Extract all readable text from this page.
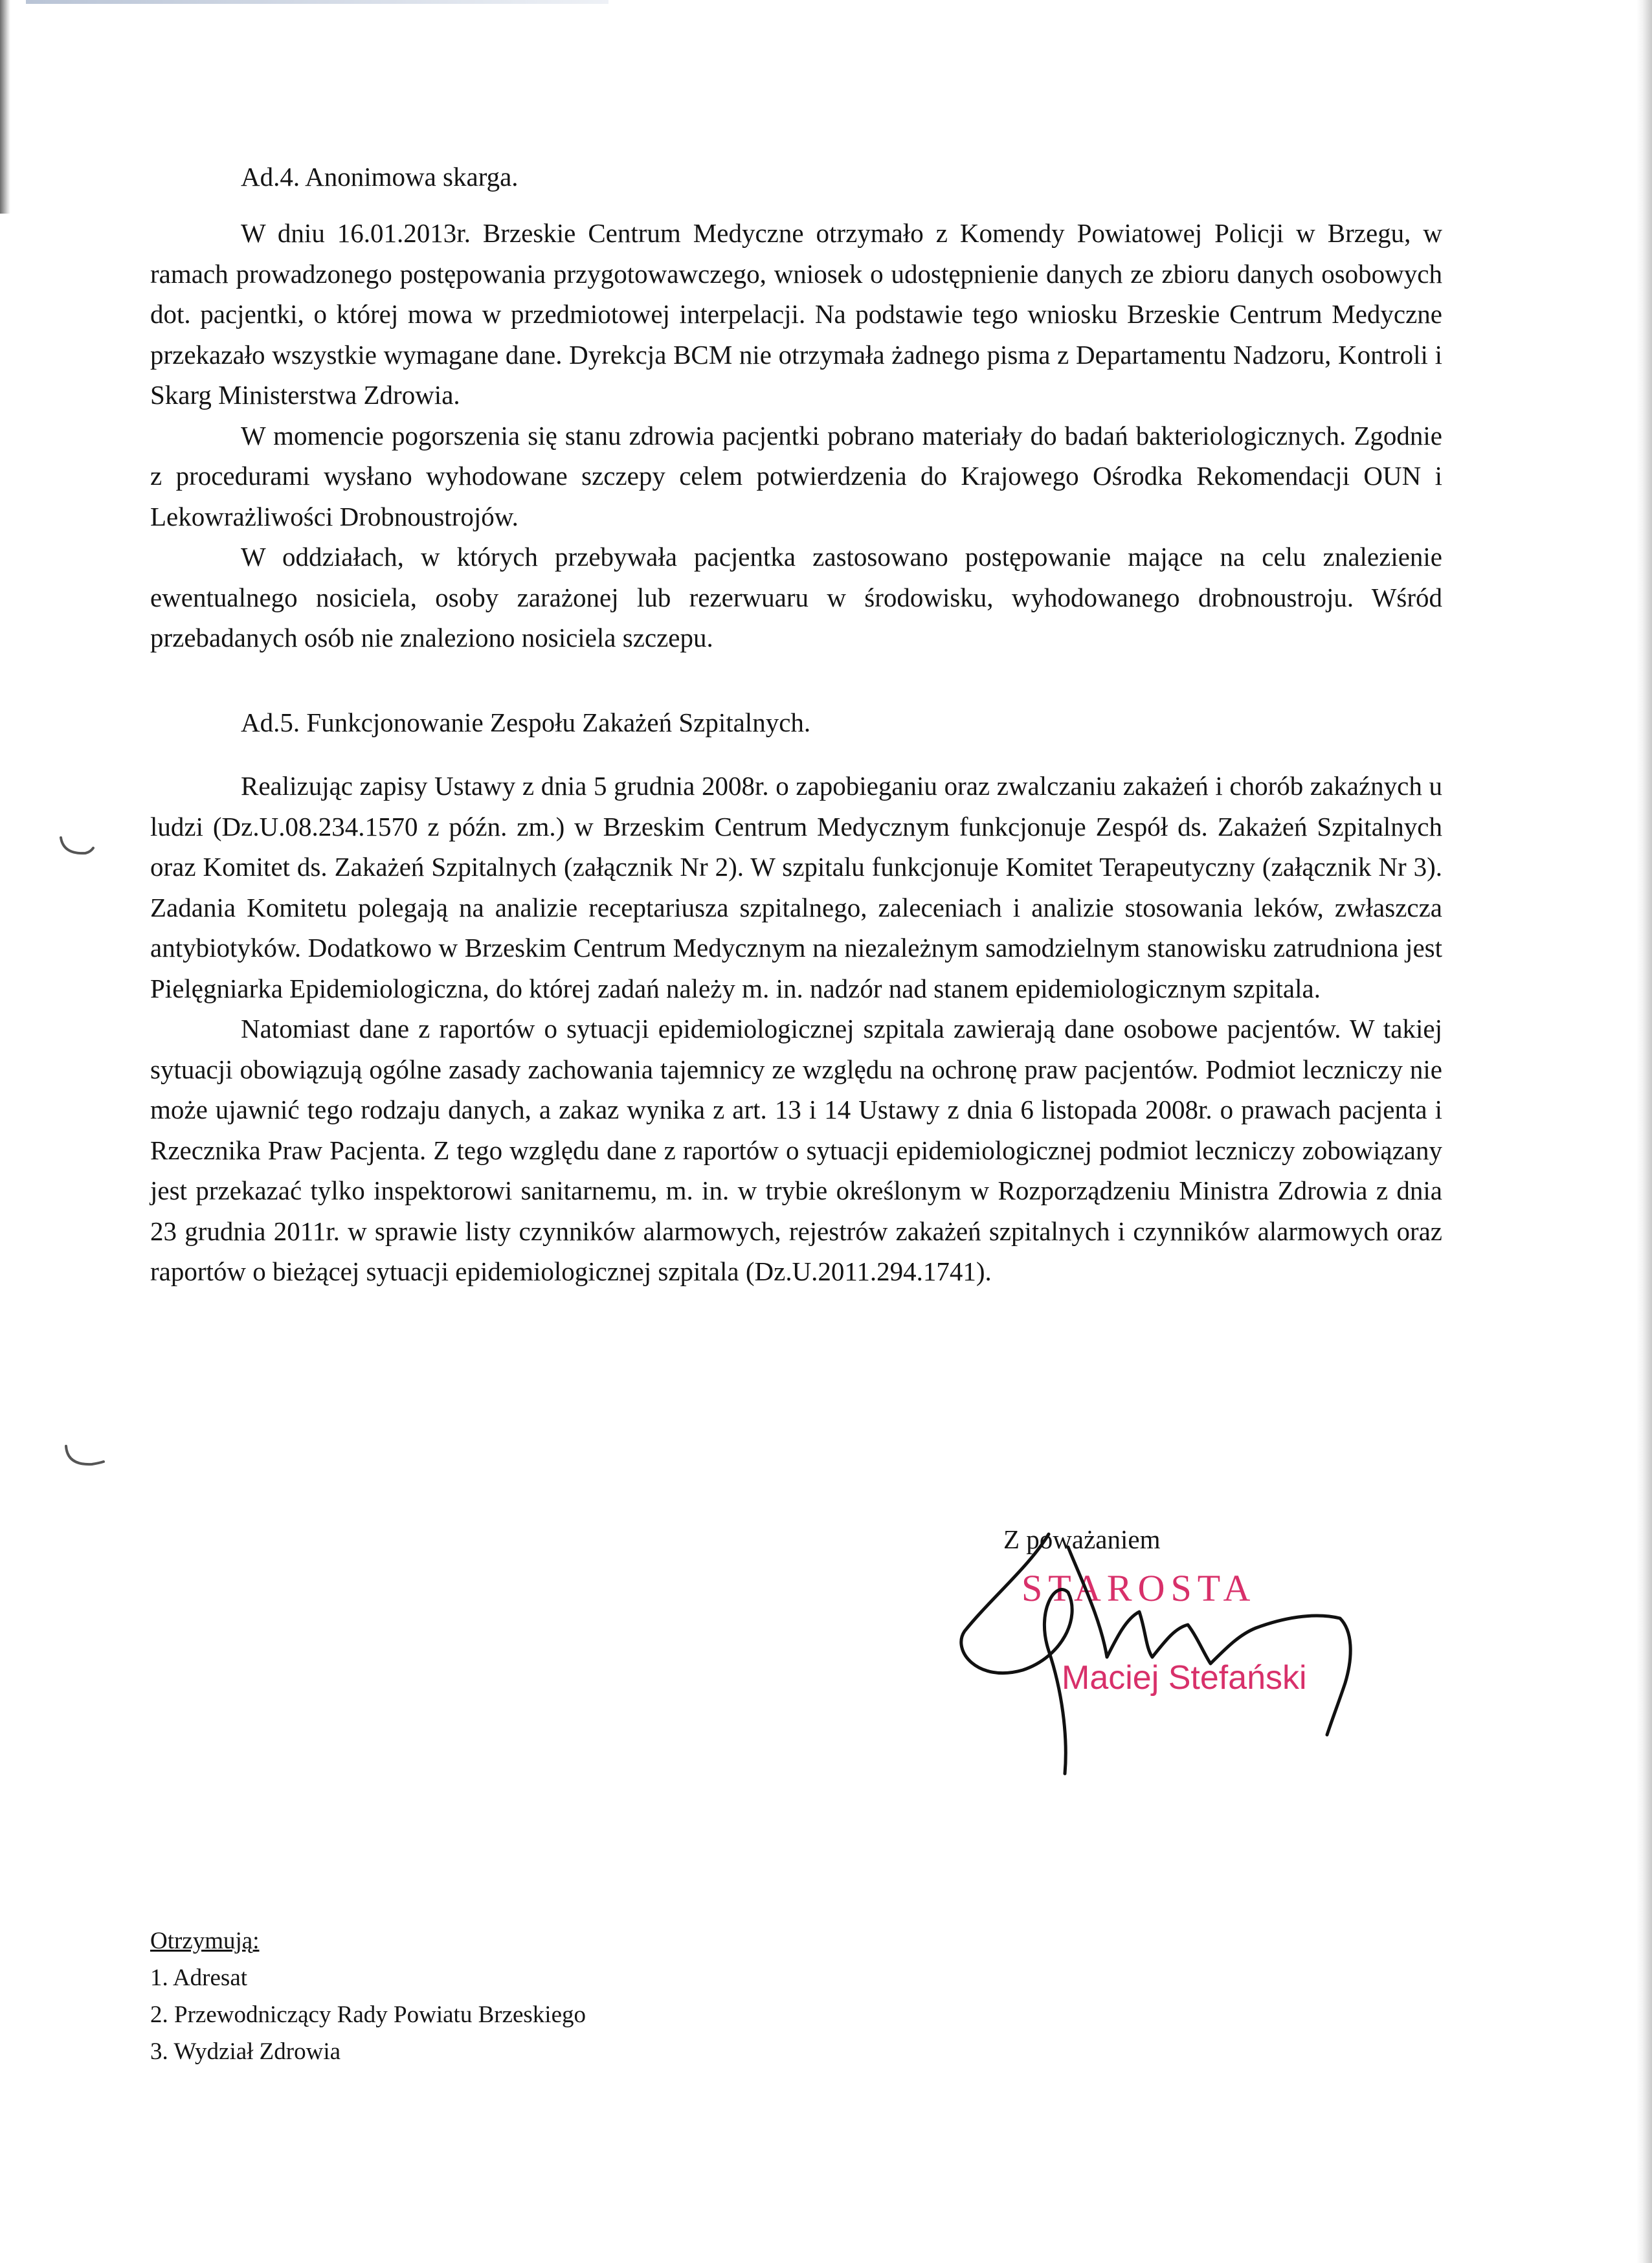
Ad.4. Anonimowa skarga.

W dniu 16.01.2013r. Brzeskie Centrum Medyczne otrzymało z Komendy Powiatowej Policji w Brzegu, w ramach prowadzonego postępowania przygotowawczego, wniosek o udostępnienie danych ze zbioru danych osobowych dot. pacjentki, o której mowa w przedmiotowej interpelacji. Na podstawie tego wniosku Brzeskie Centrum Medyczne przekazało wszystkie wymagane dane. Dyrekcja BCM nie otrzymała żadnego pisma z Departamentu Nadzoru, Kontroli i Skarg Ministerstwa Zdrowia.

W momencie pogorszenia się stanu zdrowia pacjentki pobrano materiały do badań bakteriologicznych. Zgodnie z procedurami wysłano wyhodowane szczepy celem potwierdzenia do Krajowego Ośrodka Rekomendacji OUN i Lekowrażliwości Drobnoustrojów.

W oddziałach, w których przebywała pacjentka zastosowano postępowanie mające na celu znalezienie ewentualnego nosiciela, osoby zarażonej lub rezerwuaru w środowisku, wyhodowanego drobnoustroju. Wśród przebadanych osób nie znaleziono nosiciela szczepu.

Ad.5. Funkcjonowanie Zespołu Zakażeń Szpitalnych.

Realizując zapisy Ustawy z dnia 5 grudnia 2008r. o zapobieganiu oraz zwalczaniu zakażeń i chorób zakaźnych u ludzi (Dz.U.08.234.1570 z późn. zm.) w Brzeskim Centrum Medycznym funkcjonuje Zespół ds. Zakażeń Szpitalnych oraz Komitet ds. Zakażeń Szpitalnych (załącznik Nr 2). W szpitalu funkcjonuje Komitet Terapeutyczny (załącznik Nr 3). Zadania Komitetu polegają na analizie receptariusza szpitalnego, zaleceniach i analizie stosowania leków, zwłaszcza antybiotyków. Dodatkowo w Brzeskim Centrum Medycznym na niezależnym samodzielnym stanowisku zatrudniona jest Pielęgniarka Epidemiologiczna, do której zadań należy m. in. nadzór nad stanem epidemiologicznym szpitala.

Natomiast dane z raportów o sytuacji epidemiologicznej szpitala zawierają dane osobowe pacjentów. W takiej sytuacji obowiązują ogólne zasady zachowania tajemnicy ze względu na ochronę praw pacjentów. Podmiot leczniczy nie może ujawnić tego rodzaju danych, a zakaz wynika z art. 13 i 14 Ustawy z dnia 6 listopada 2008r. o prawach pacjenta i Rzecznika Praw Pacjenta. Z tego względu dane z raportów o sytuacji epidemiologicznej podmiot leczniczy zobowiązany jest przekazać tylko inspektorowi sanitarnemu, m. in. w trybie określonym w Rozporządzeniu Ministra Zdrowia z dnia 23 grudnia 2011r. w sprawie listy czynników alarmowych, rejestrów zakażeń szpitalnych i czynników alarmowych oraz raportów o bieżącej sytuacji epidemiologicznej szpitala (Dz.U.2011.294.1741).

Z poważaniem
STAROSTA
Maciej Stefański

Otrzymują:

1. Adresat
2. Przewodniczący Rady Powiatu Brzeskiego
3. Wydział Zdrowia
